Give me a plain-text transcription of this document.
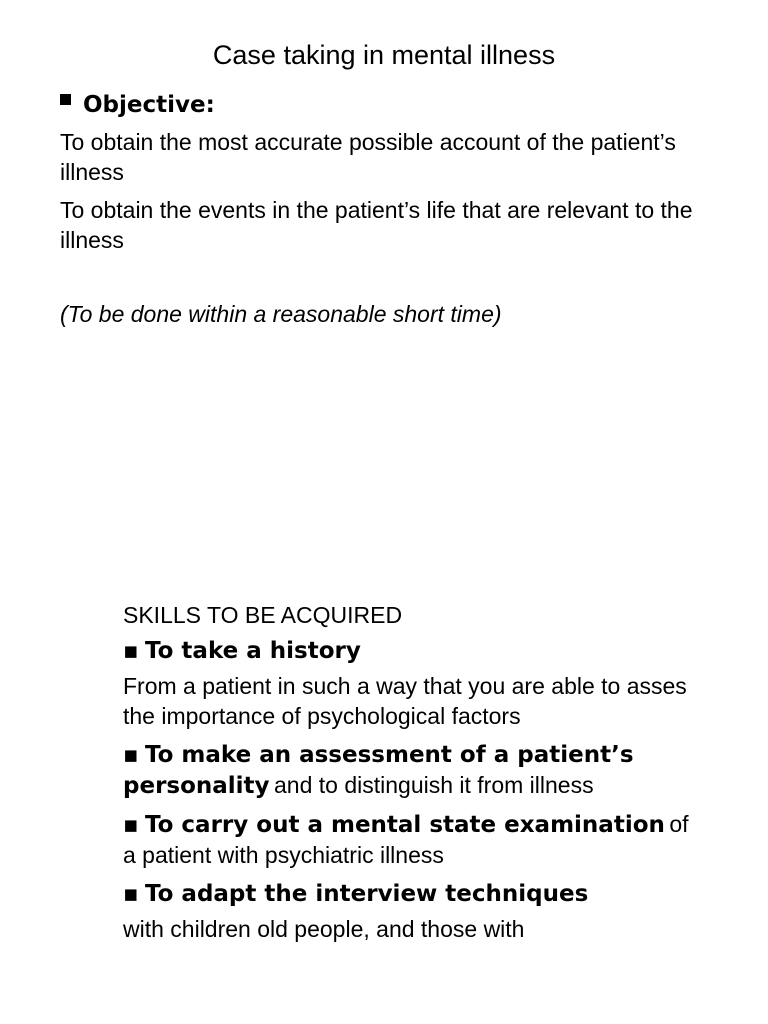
Case taking in mental illness
Objective:
To obtain the most accurate possible account of the patient’s illness
To obtain the events in the patient’s life that are relevant to the illness
(To be done within a reasonable short time)
SKILLS TO BE ACQUIRED
▪ To take a history
From a patient in such a way that you are able to asses the importance of psychological factors
▪ To make an assessment of a patient’s personality and to distinguish it from illness
▪ To carry out a mental state examination of a patient with psychiatric illness
▪ To adapt the interview techniques
with children old people, and those with
